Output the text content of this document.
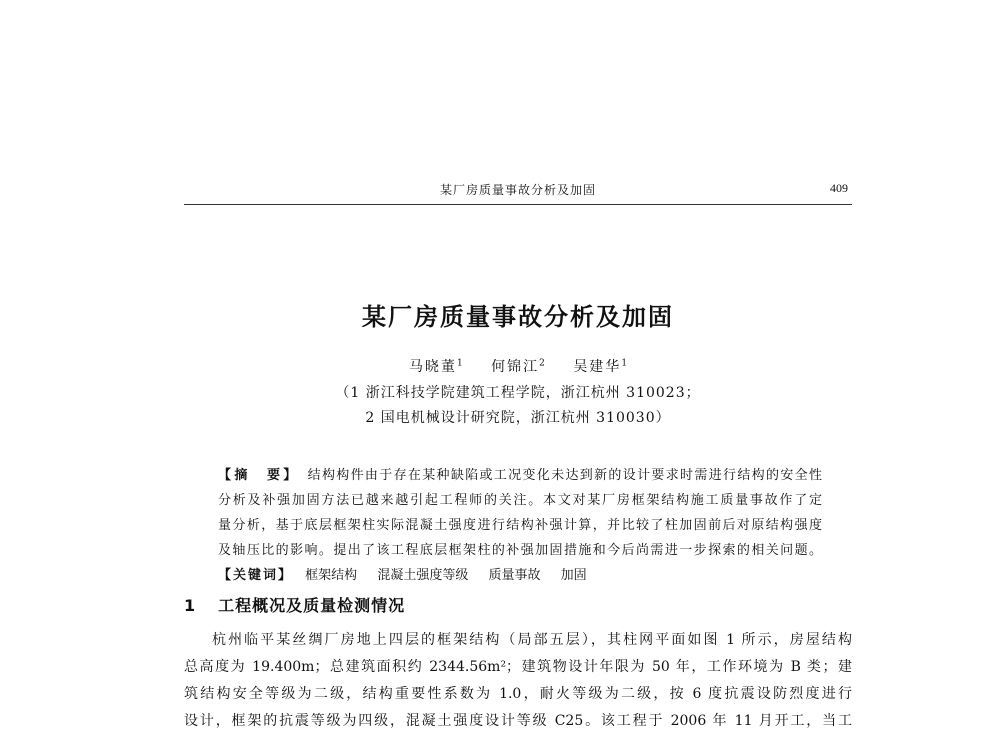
某厂房质量事故分析及加固	409
某厂房质量事故分析及加固
马晓董$^1$ 何锦江$^2$ 吴建华$^1$
（1 浙江科技学院建筑工程学院，浙江杭州 310023；
2 国电机械设计研究院，浙江杭州 310030）
【摘　要】 结构构件由于存在某种缺陷或工况变化未达到新的设计要求时需进行结构的安全性
分析及补强加固方法已越来越引起工程师的关注。本文对某厂房框架结构施工质量事故作了定
量分析，基于底层框架柱实际混凝土强度进行结构补强计算，并比较了柱加固前后对原结构强度
及轴压比的影响。提出了该工程底层框架柱的补强加固措施和今后尚需进一步探索的相关问题。
【关键词】 框架结构 混凝土强度等级 质量事故 加固
1 工程概况及质量检测情况
杭州临平某丝绸厂房地上四层的框架结构（局部五层），其柱网平面如图 1 所示，房屋结构
总高度为 19.400m；总建筑面积约 2344.56m²；建筑物设计年限为 50 年，工作环境为 B 类；建
筑结构安全等级为二级，结构重要性系数为 1.0，耐火等级为二级，按 6 度抗震设防烈度进行
设计，框架的抗震等级为四级，混凝土强度设计等级 C25。该工程于 2006 年 11 月开工，当工
